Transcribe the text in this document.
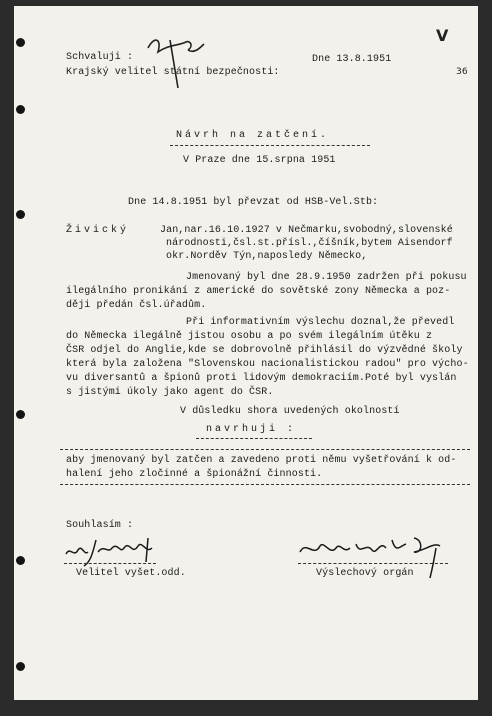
Schvaluji :
Krajský velitel státní bezpečnosti:
Dne 13.8.1951
36
V
Návrh na zatčení.
V Praze dne 15.srpna 1951
Dne 14.8.1951 byl převzat od HSB-Vel.Stb:
Živický	Jan,nar.16.10.1927 v Nečmarku,svobodný,slovenské
národnosti,čsl.st.přísl.,číšník,bytem Aisendorf
okr.Norděv Týn,naposledy Německo,
Jmenovaný byl dne 28.9.1950 zadržen při pokusu
ilegálního pronikání z americké do sovětské zony Německa a poz-
ději předán čsl.úřadům.
Při informativním výslechu doznal,že převedl
do Německa ilegálně jistou osobu a po svém ilegálním útěku z
ČSR odjel do Anglie,kde se dobrovolně přihlásil do výzvědné školy
která byla založena "Slovenskou nacionalistickou radou" pro výcho-
vu diversantů a špionů proti lidovým demokraciím.Poté byl vyslán
s jistými úkoly jako agent do ČSR.
V důsledku shora uvedených okolností
navrhuji :
aby jmenovaný byl zatčen a zavedeno proti němu vyšetřování k od-
halení jeho zločinné a špionážní činnosti.
Souhlasím :
Velitel vyšet.odd.	Výslechový orgán
